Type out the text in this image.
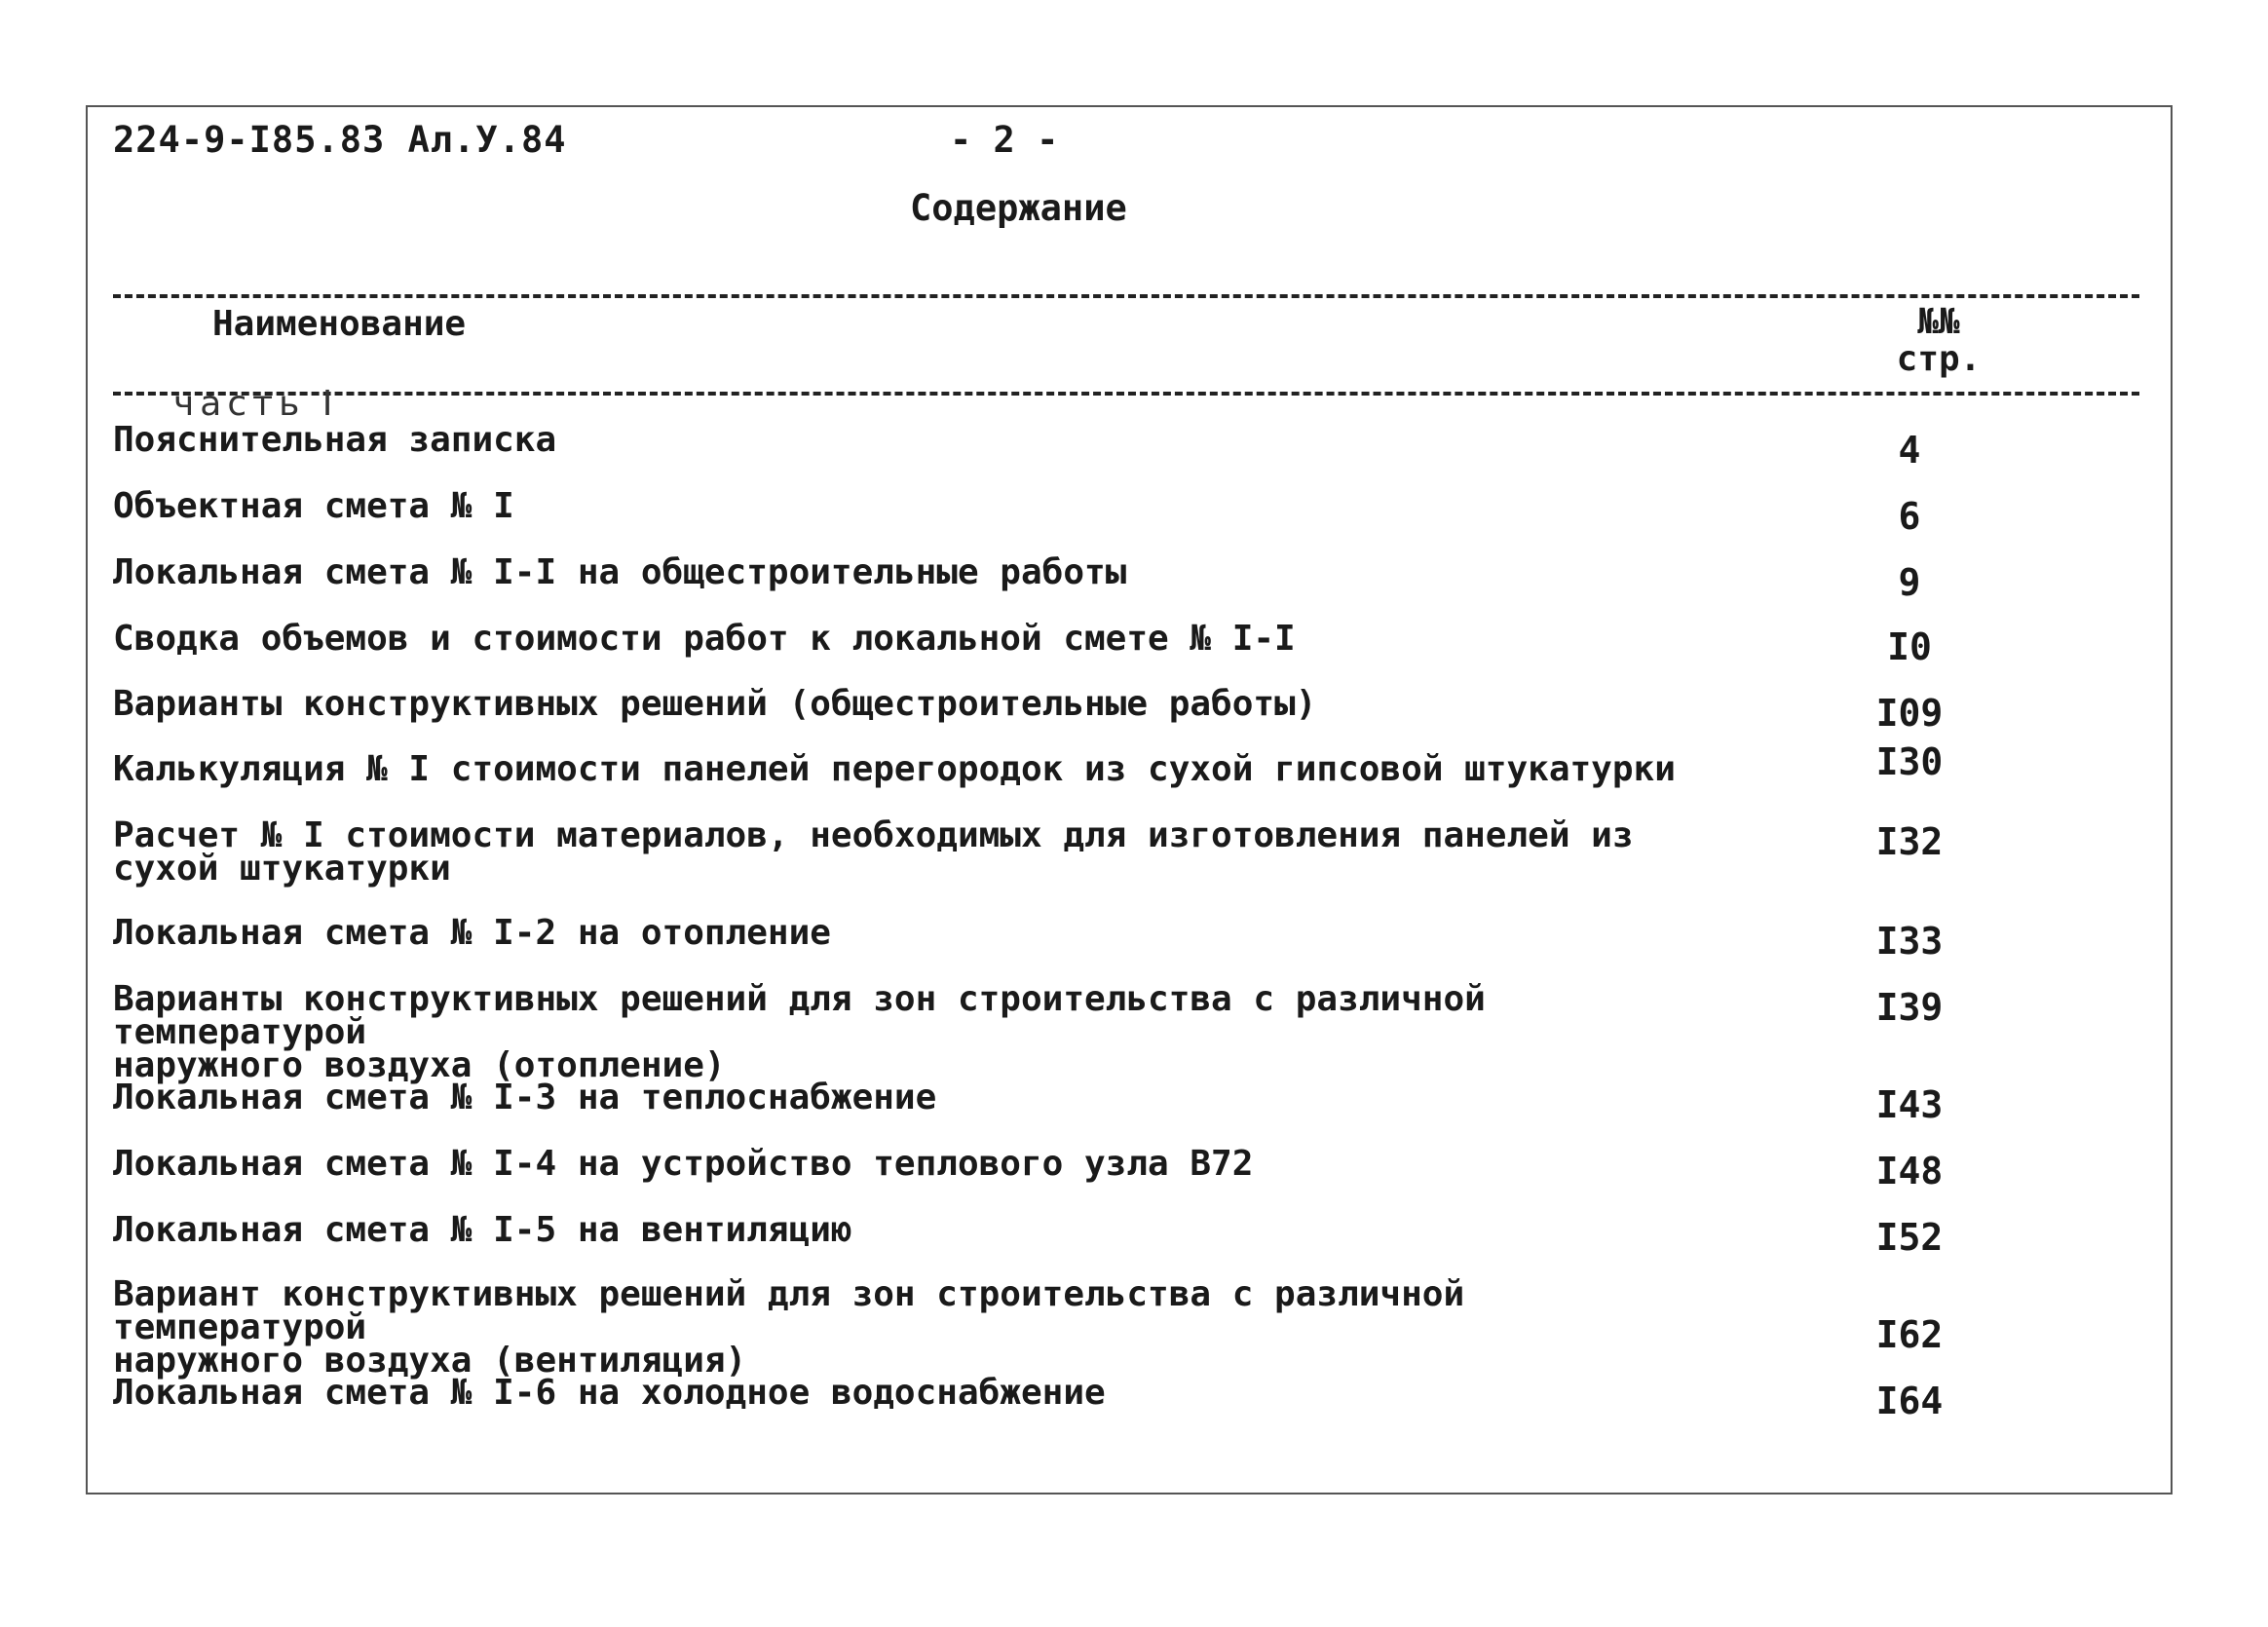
224-9-I85.83 Ал.У.84	- 2 -
Содержание
Наименование	№№
стр.
часть I
Пояснительная записка	4
Объектная смета № I	6
Локальная смета № I-I на общестроительные работы	9
Сводка объемов и стоимости работ к локальной смете № I-I	I0
Варианты конструктивных решений (общестроительные работы)	I09
Калькуляция № I стоимости панелей перегородок из сухой гипсовой штукатурки	I30
Расчет № I стоимости материалов, необходимых для изготовления панелей из
сухой штукатурки
I32
Локальная смета № I-2 на отопление	I33
Варианты конструктивных решений для зон строительства с различной температурой
наружного воздуха (отопление)
I39
Локальная смета № I-3 на теплоснабжение	I43
Локальная смета № I-4 на устройство теплового узла В72	I48
Локальная смета № I-5 на вентиляцию	I52
Вариант конструктивных решений для зон строительства с различной температурой
наружного воздуха (вентиляция)
I62
Локальная смета № I-6 на холодное водоснабжение	I64
